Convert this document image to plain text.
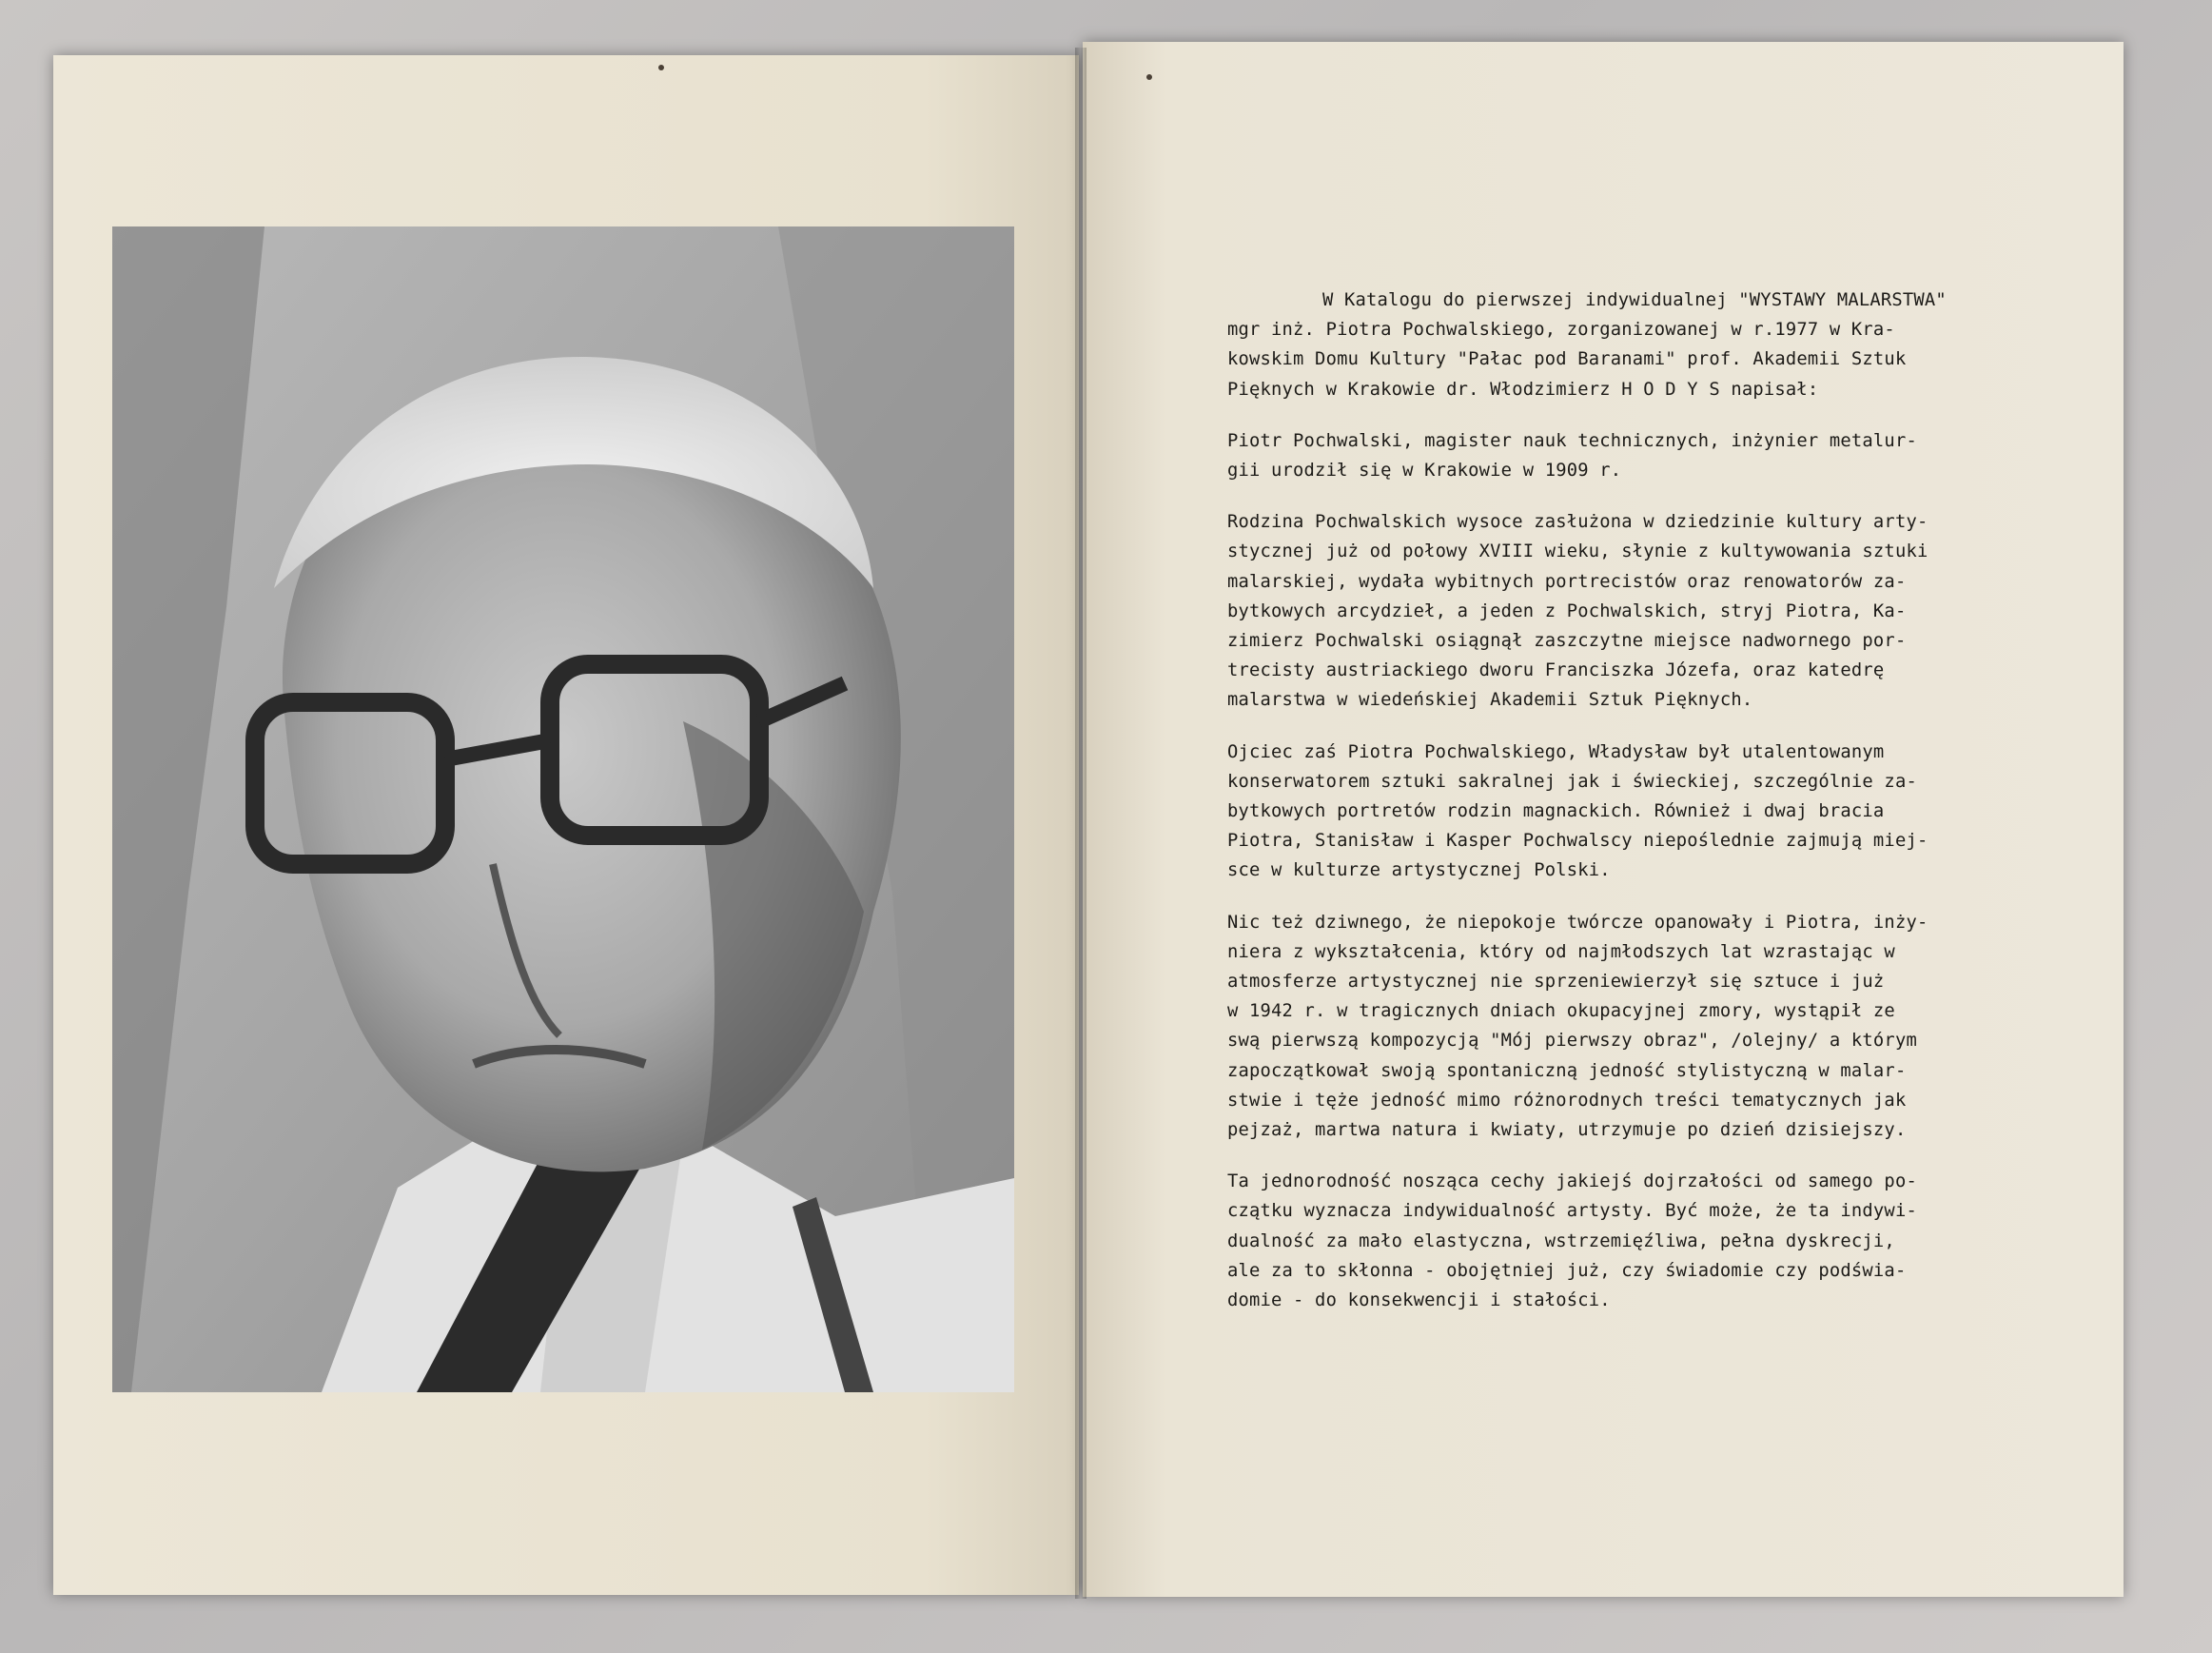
W Katalogu do pierwszej indywidualnej "WYSTAWY MALARSTWA"
mgr inż. Piotra Pochwalskiego, zorganizowanej w r.1977 w Kra-
kowskim Domu Kultury "Pałac pod Baranami" prof. Akademii Sztuk
Pięknych w Krakowie dr. Włodzimierz H O D Y S napisał:

Piotr Pochwalski, magister nauk technicznych, inżynier metalur-
gii urodził się w Krakowie w 1909 r.

Rodzina Pochwalskich wysoce zasłużona w dziedzinie kultury arty-
stycznej już od połowy XVIII wieku, słynie z kultywowania sztuki
malarskiej, wydała wybitnych portrecistów oraz renowatorów za-
bytkowych arcydzieł, a jeden z Pochwalskich, stryj Piotra, Ka-
zimierz Pochwalski osiągnął zaszczytne miejsce nadwornego por-
trecisty austriackiego dworu Franciszka Józefa, oraz katedrę
malarstwa w wiedeńskiej Akademii Sztuk Pięknych.

Ojciec zaś Piotra Pochwalskiego, Władysław był utalentowanym
konserwatorem sztuki sakralnej jak i świeckiej, szczególnie za-
bytkowych portretów rodzin magnackich. Również i dwaj bracia
Piotra, Stanisław i Kasper Pochwalscy niepoślednie zajmują miej-
sce w kulturze artystycznej Polski.

Nic też dziwnego, że niepokoje twórcze opanowały i Piotra, inży-
niera z wykształcenia, który od najmłodszych lat wzrastając w
atmosferze artystycznej nie sprzeniewierzył się sztuce i już
w 1942 r. w tragicznych dniach okupacyjnej zmory, wystąpił ze
swą pierwszą kompozycją "Mój pierwszy obraz", /olejny/ a którym
zapoczątkował swoją spontaniczną jedność stylistyczną w malar-
stwie i tęże jedność mimo różnorodnych treści tematycznych jak
pejzaż, martwa natura i kwiaty, utrzymuje po dzień dzisiejszy.

Ta jednorodność nosząca cechy jakiejś dojrzałości od samego po-
czątku wyznacza indywidualność artysty. Być może, że ta indywi-
dualność za mało elastyczna, wstrzemięźliwa, pełna dyskrecji,
ale za to skłonna - obojętniej już, czy świadomie czy podświa-
domie - do konsekwencji i stałości.
